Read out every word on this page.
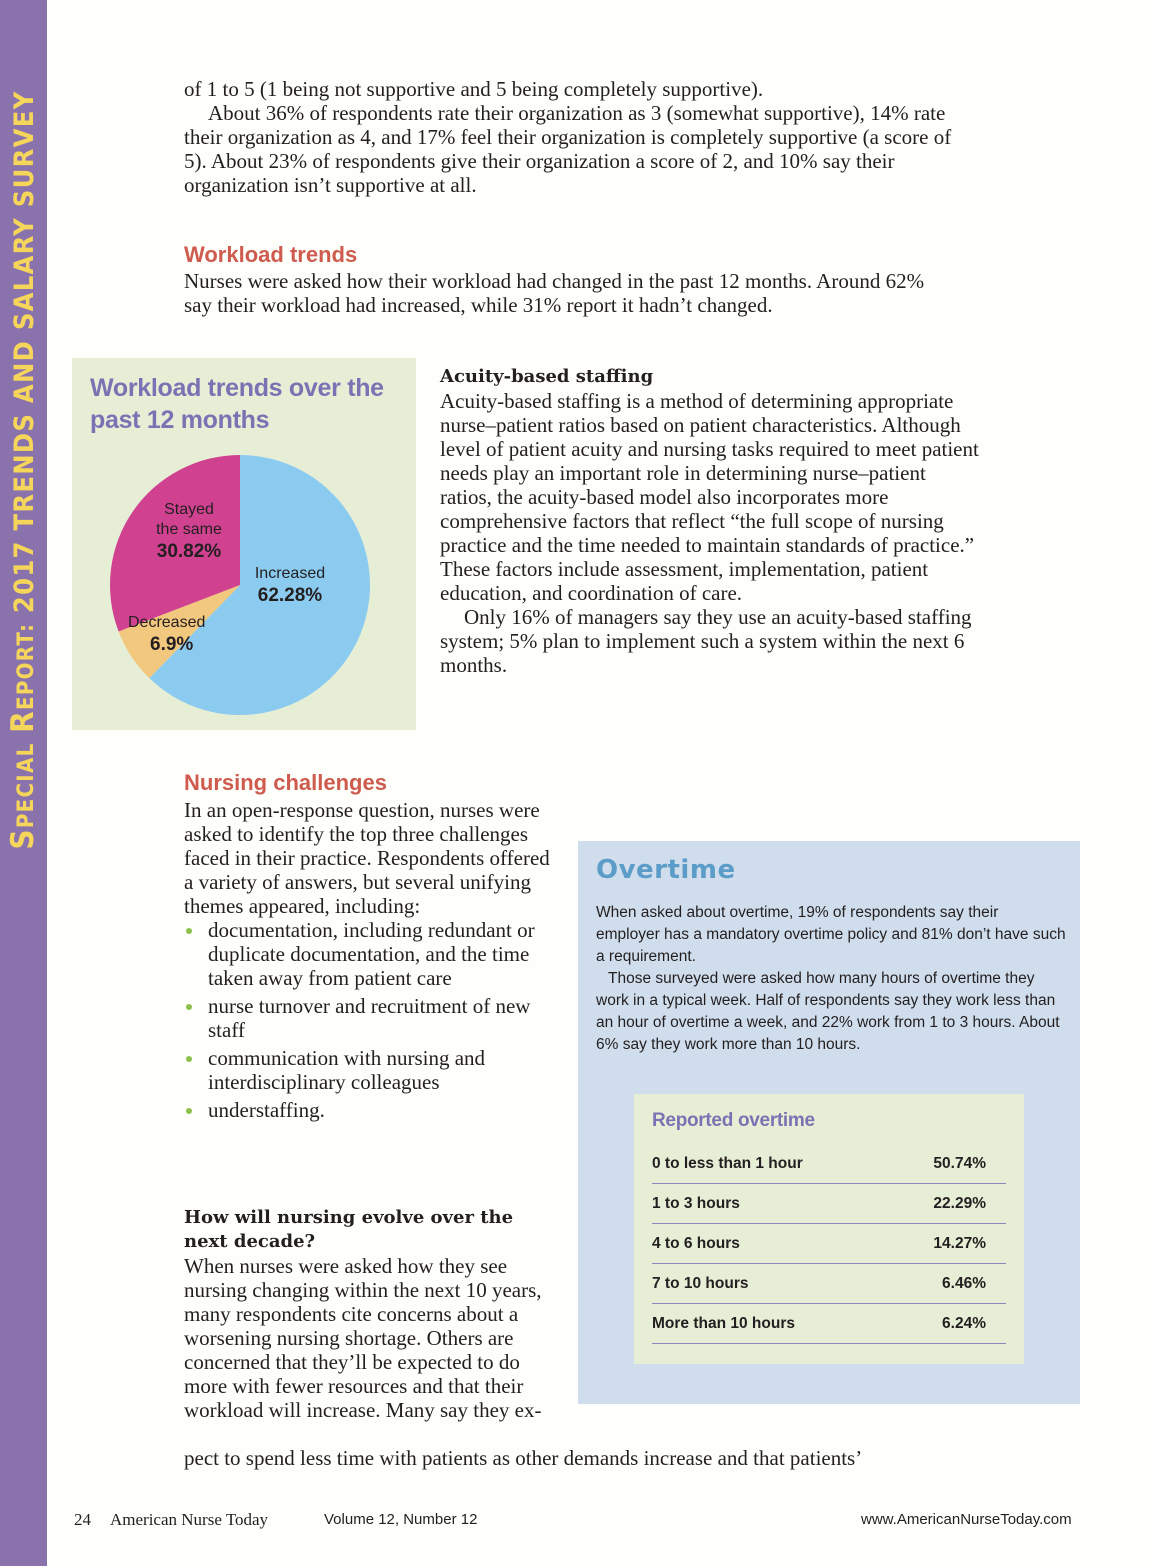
SPECIAL REPORT: 2017 TRENDS AND SALARY SURVEY

of 1 to 5 (1 being not supportive and 5 being completely supportive).

About 36% of respondents rate their organization as 3 (somewhat supportive), 14% rate their organization as 4, and 17% feel their organization is completely supportive (a score of 5). About 23% of respondents give their organization a score of 2, and 10% say their organization isn’t supportive at all.

Workload trends

Nurses were asked how their workload had changed in the past 12 months. Around 62% say their workload had increased, while 31% report it hadn’t changed.

Workload trends over the past 12 months
Stayed
the same
30.82%
Increased
62.28%
Decreased
6.9%
Acuity-based staffing

Acuity-based staffing is a method of determining appropriate nurse–patient ratios based on patient characteristics. Although level of patient acuity and nursing tasks required to meet patient needs play an important role in determining nurse–patient ratios, the acuity-based model also incorporates more comprehensive factors that reflect “the full scope of nursing practice and the time needed to maintain standards of practice.” These factors include assessment, implementation, patient education, and coordination of care.

Only 16% of managers say they use an acuity-based staffing system; 5% plan to implement such a system within the next 6 months.

Nursing challenges

In an open-response question, nurses were asked to identify the top three challenges faced in their practice. Respondents offered a variety of answers, but several unifying themes appeared, including:

documentation, including redundant or duplicate documentation, and the time taken away from patient care
nurse turnover and recruitment of new staff
communication with nursing and interdisciplinary colleagues
understaffing.
How will nursing evolve over the next decade?

When nurses were asked how they see nursing changing within the next 10 years, many respondents cite concerns about a worsening nursing shortage. Others are concerned that they’ll be expected to do more with fewer resources and that their workload will increase. Many say they ex-

pect to spend less time with patients as other demands increase and that patients’

Overtime

When asked about overtime, 19% of respondents say their employer has a mandatory overtime policy and 81% don’t have such a requirement.

Those surveyed were asked how many hours of overtime they work in a typical week. Half of respondents say they work less than an hour of overtime a week, and 22% work from 1 to 3 hours. About 6% say they work more than 10 hours.

Reported overtime
0 to less than 1 hour	50.74%
1 to 3 hours	22.29%
4 to 6 hours	14.27%
7 to 10 hours	6.46%
More than 10 hours	6.24%
24 American Nurse Today	Volume 12, Number 12	www.AmericanNurseToday.com
